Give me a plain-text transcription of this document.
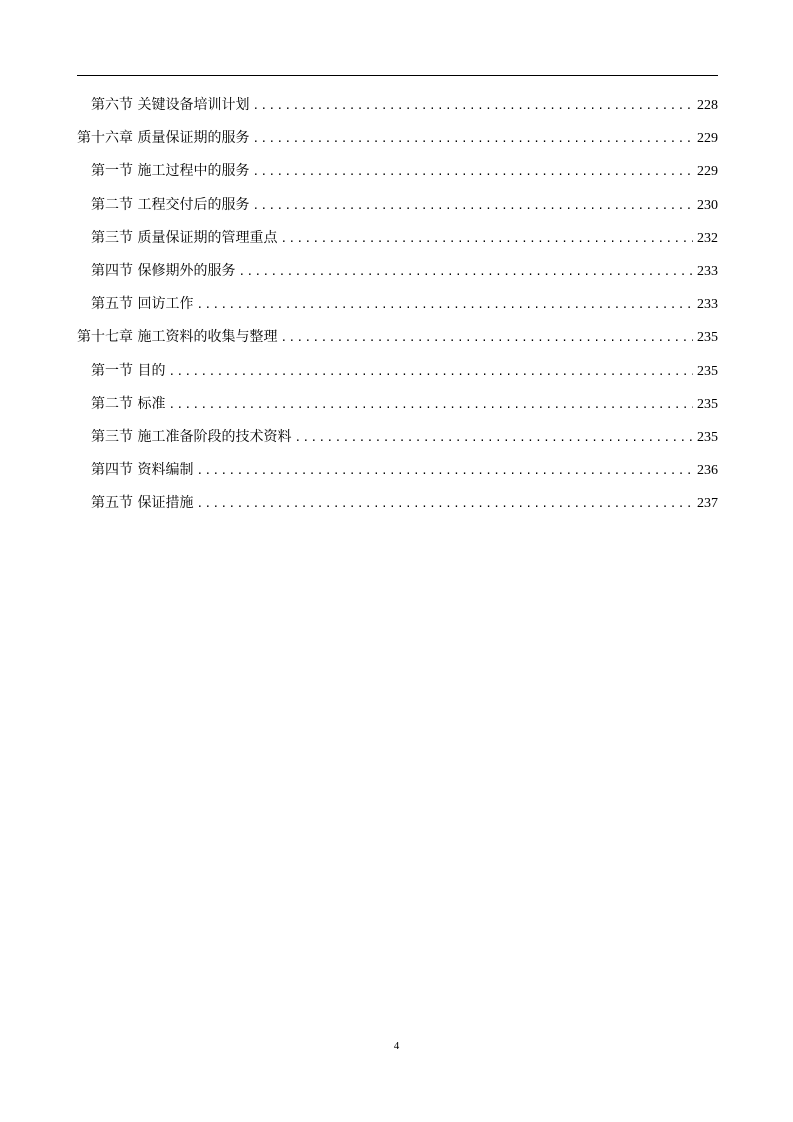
第六节 关键设备培训计划 .....	228
第十六章 质量保证期的服务 .....	229
第一节 施工过程中的服务 .....	229
第二节 工程交付后的服务 .....	230
第三节 质量保证期的管理重点 .....	232
第四节 保修期外的服务 .....	233
第五节 回访工作 .....	233
第十七章 施工资料的收集与整理 .....	235
第一节 目的 .....	235
第二节 标准 .....	235
第三节 施工准备阶段的技术资料 .....	235
第四节 资料编制 .....	236
第五节 保证措施 .....	237
4
